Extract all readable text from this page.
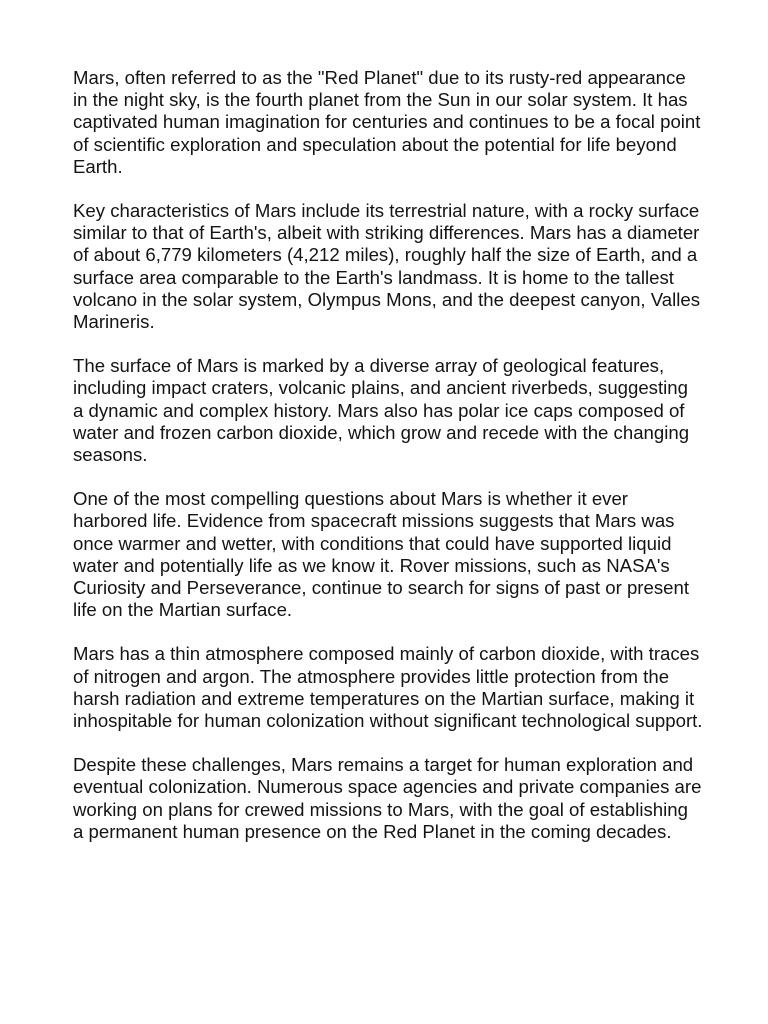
Mars, often referred to as the "Red Planet" due to its rusty-red appearance in the night sky, is the fourth planet from the Sun in our solar system. It has captivated human imagination for centuries and continues to be a focal point of scientific exploration and speculation about the potential for life beyond Earth.

Key characteristics of Mars include its terrestrial nature, with a rocky surface similar to that of Earth's, albeit with striking differences. Mars has a diameter of about 6,779 kilometers (4,212 miles), roughly half the size of Earth, and a surface area comparable to the Earth's landmass. It is home to the tallest volcano in the solar system, Olympus Mons, and the deepest canyon, Valles Marineris.

The surface of Mars is marked by a diverse array of geological features, including impact craters, volcanic plains, and ancient riverbeds, suggesting a dynamic and complex history. Mars also has polar ice caps composed of water and frozen carbon dioxide, which grow and recede with the changing seasons.

One of the most compelling questions about Mars is whether it ever harbored life. Evidence from spacecraft missions suggests that Mars was once warmer and wetter, with conditions that could have supported liquid water and potentially life as we know it. Rover missions, such as NASA's Curiosity and Perseverance, continue to search for signs of past or present life on the Martian surface.

Mars has a thin atmosphere composed mainly of carbon dioxide, with traces of nitrogen and argon. The atmosphere provides little protection from the harsh radiation and extreme temperatures on the Martian surface, making it inhospitable for human colonization without significant technological support.

Despite these challenges, Mars remains a target for human exploration and eventual colonization. Numerous space agencies and private companies are working on plans for crewed missions to Mars, with the goal of establishing a permanent human presence on the Red Planet in the coming decades.
